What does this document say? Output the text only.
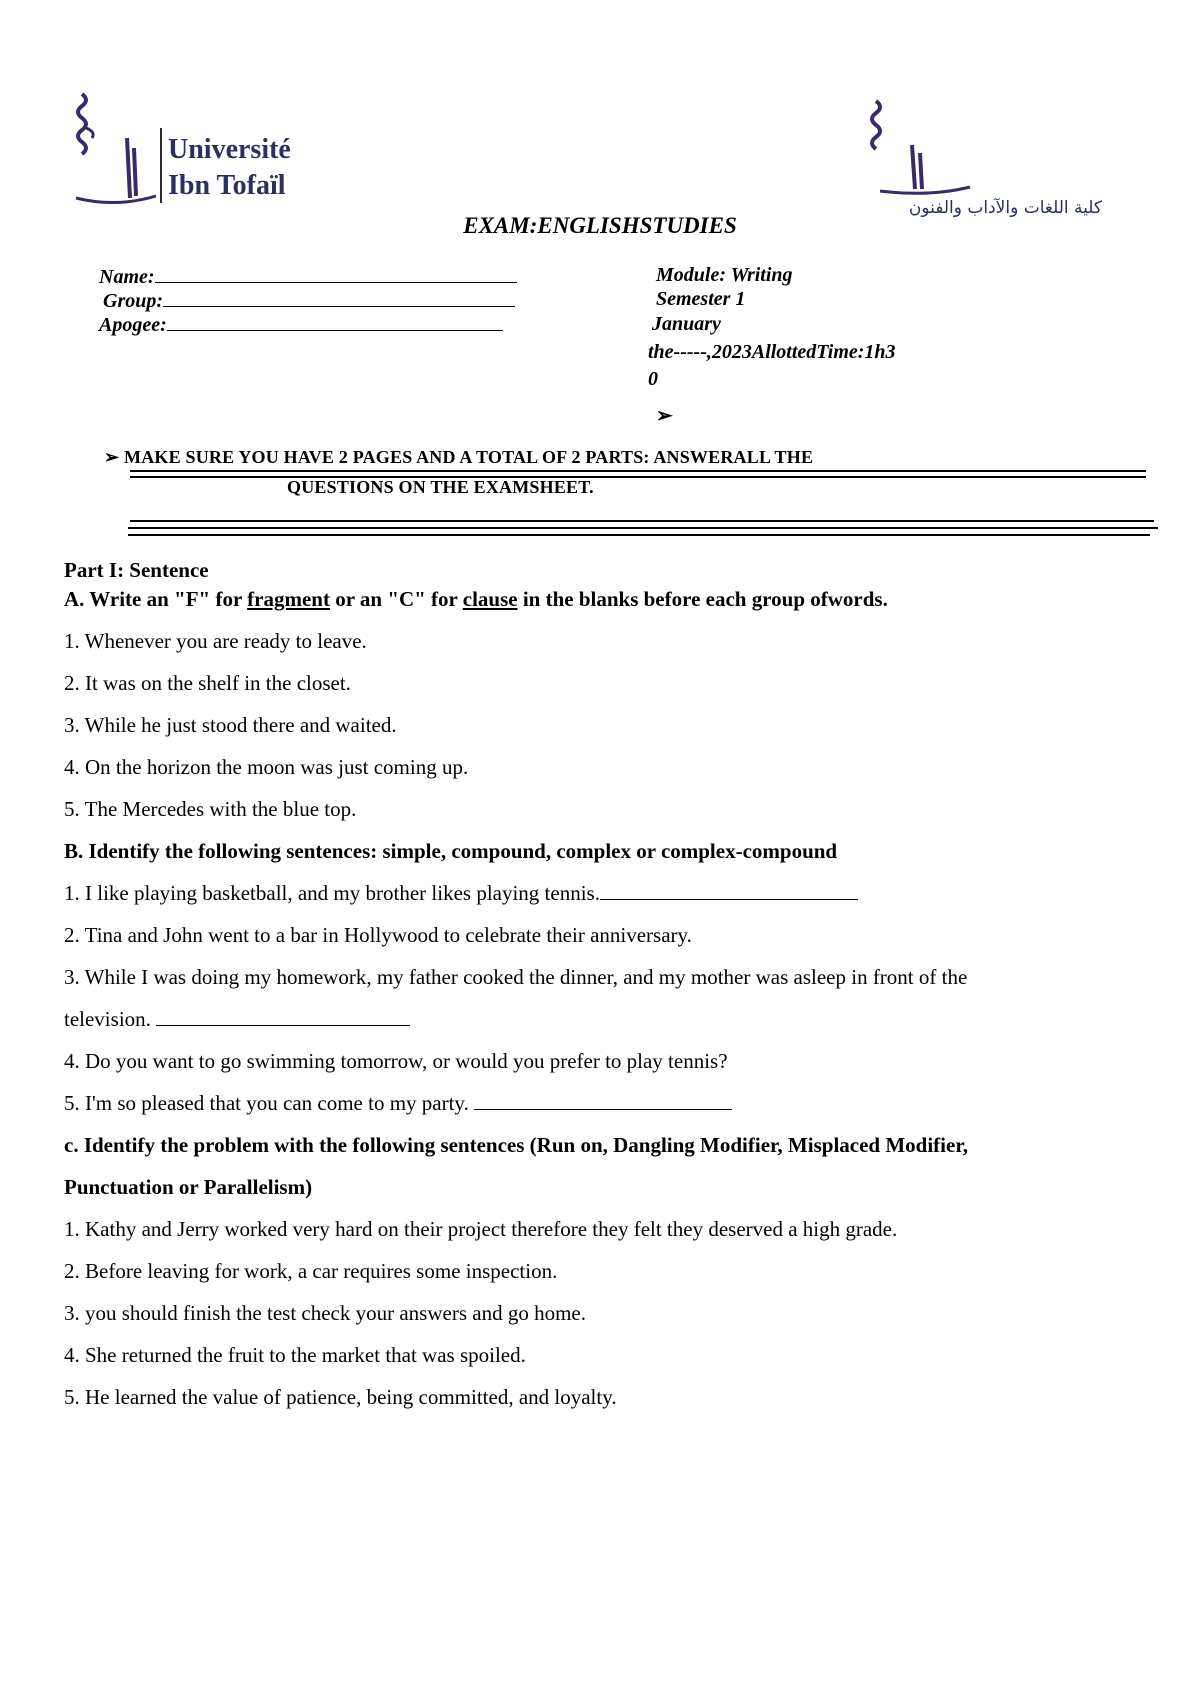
Université
Ibn Tofaïl
كلية اللغات والآداب والفنون
EXAM:ENGLISHSTUDIES
Name:
Group:
Apogee:
Module: Writing
Semester 1
January
the-----,2023AllottedTime:1h3
0
➢
➢ MAKE SURE YOU HAVE 2 PAGES AND A TOTAL OF 2 PARTS: ANSWERALL THE
QUESTIONS ON THE EXAMSHEET.

Part I: Sentence

A. Write an "F" for fragment or an "C" for clause in the blanks before each group ofwords.

1. Whenever you are ready to leave.

2. It was on the shelf in the closet.

3. While he just stood there and waited.

4. On the horizon the moon was just coming up.

5. The Mercedes with the blue top.

B. Identify the following sentences: simple, compound, complex or complex-compound

1. I like playing basketball, and my brother likes playing tennis.

2. Tina and John went to a bar in Hollywood to celebrate their anniversary.

3. While I was doing my homework, my father cooked the dinner, and my mother was asleep in front of the

television.

4. Do you want to go swimming tomorrow, or would you prefer to play tennis?

5. I'm so pleased that you can come to my party.

c. Identify the problem with the following sentences (Run on, Dangling Modifier, Misplaced Modifier,

Punctuation or Parallelism)

1. Kathy and Jerry worked very hard on their project therefore they felt they deserved a high grade.

2. Before leaving for work, a car requires some inspection.

3. you should finish the test check your answers and go home.

4. She returned the fruit to the market that was spoiled.

5. He learned the value of patience, being committed, and loyalty.
